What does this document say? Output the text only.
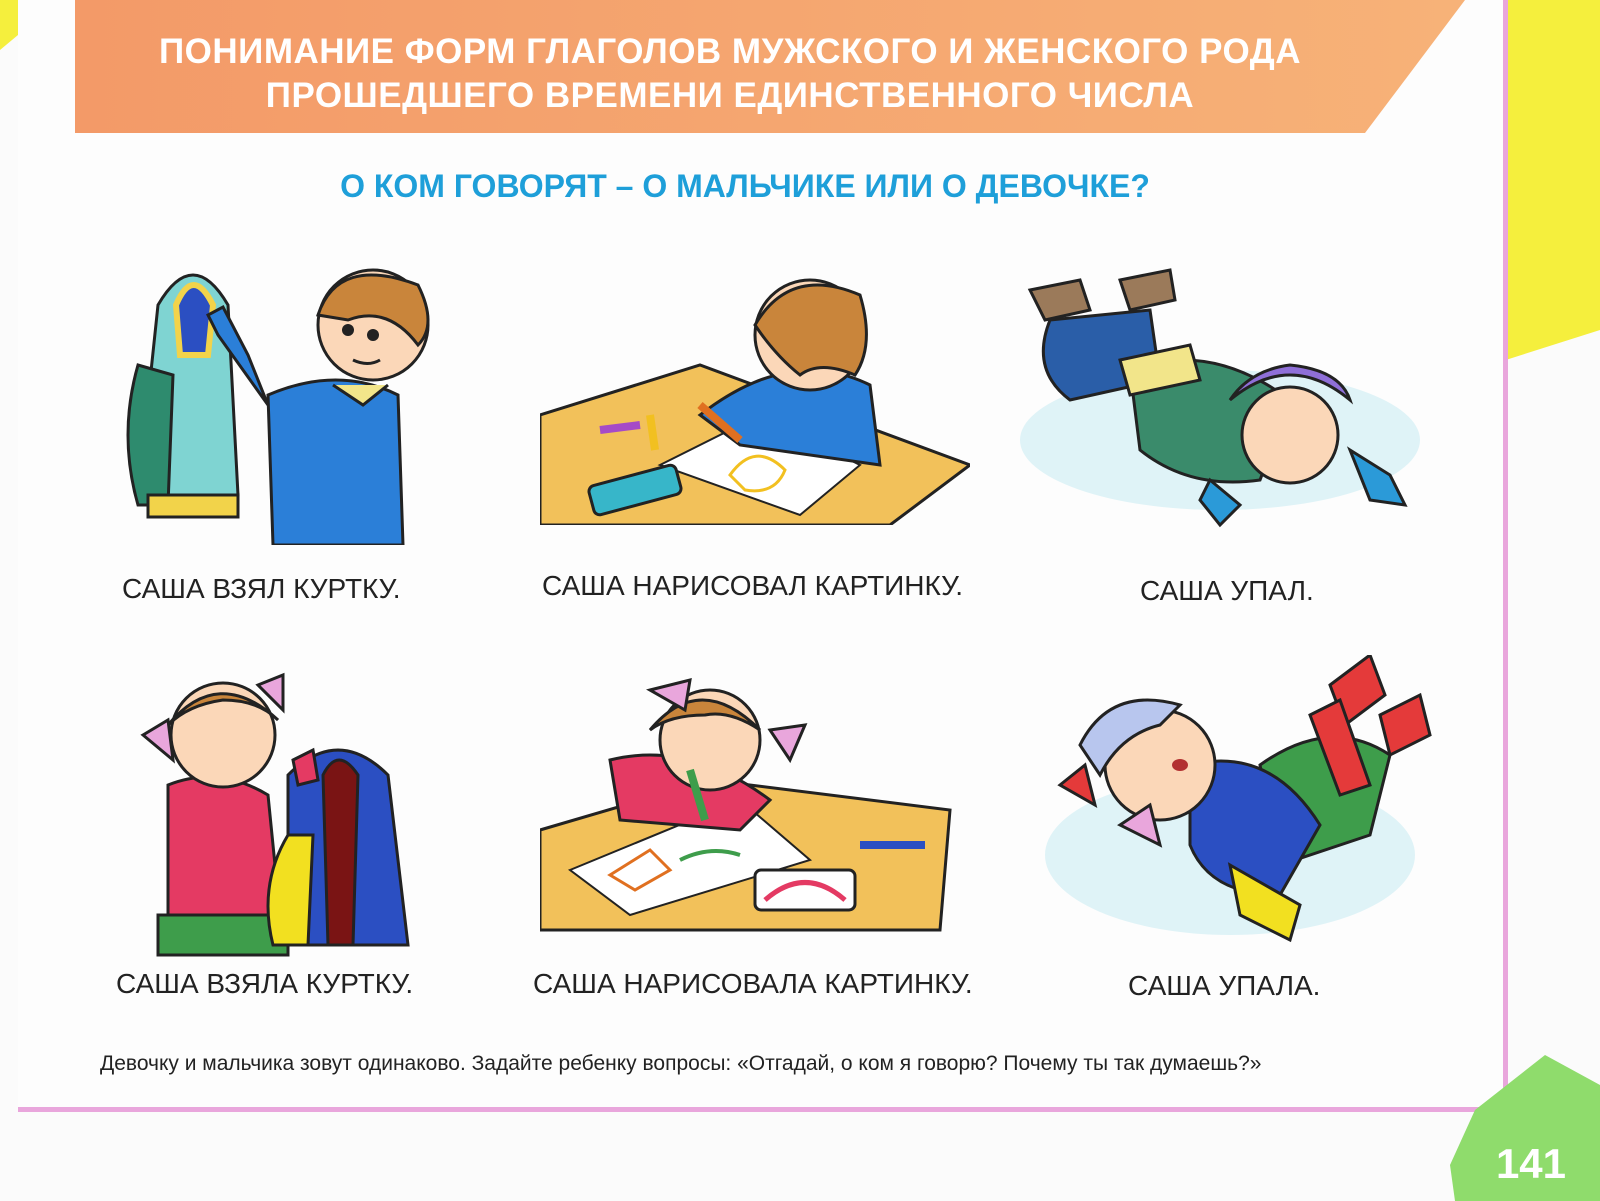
ПОНИМАНИЕ ФОРМ ГЛАГОЛОВ МУЖСКОГО И ЖЕНСКОГО РОДА
ПРОШЕДШЕГО ВРЕМЕНИ ЕДИНСТВЕННОГО ЧИСЛА
О КОМ ГОВОРЯТ – О МАЛЬЧИКЕ ИЛИ О ДЕВОЧКЕ?
САША ВЗЯЛ КУРТКУ.	САША НАРИСОВАЛ КАРТИНКУ.	САША УПАЛ.
САША ВЗЯЛА КУРТКУ.	САША НАРИСОВАЛА КАРТИНКУ.	САША УПАЛА.
Девочку и мальчика зовут одинаково. Задайте ребенку вопросы: «Отгадай, о ком я говорю? Почему ты так думаешь?»
141
